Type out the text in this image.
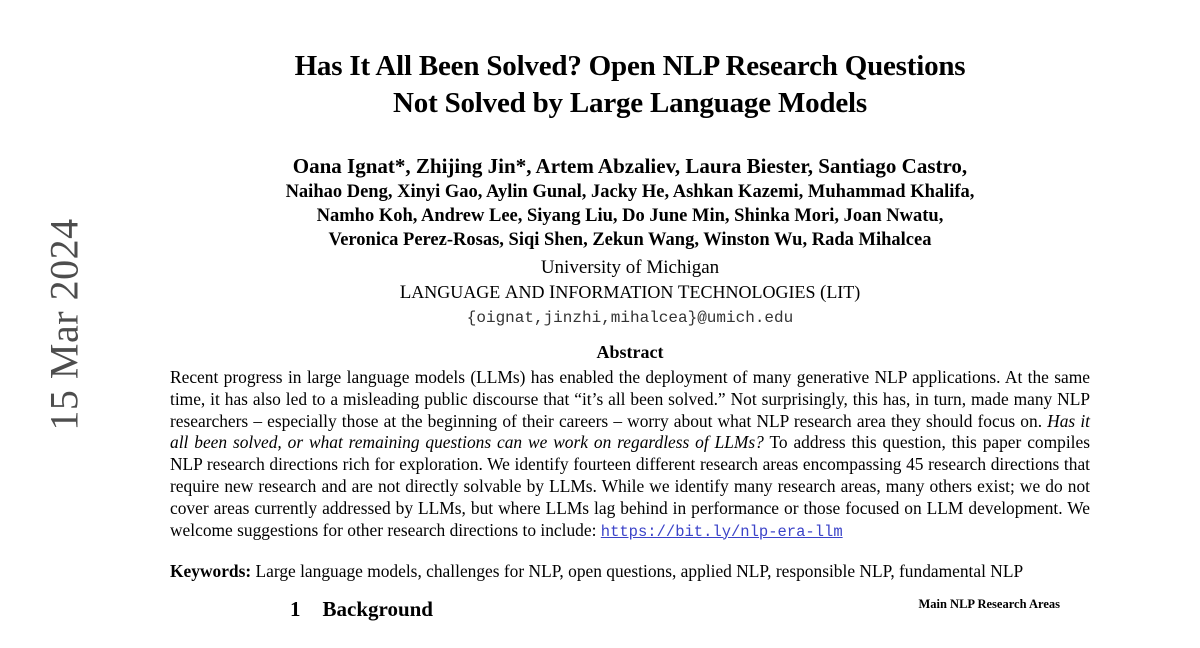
15 Mar 2024
Has It All Been Solved? Open NLP Research Questions
Not Solved by Large Language Models
Oana Ignat*, Zhijing Jin*, Artem Abzaliev, Laura Biester, Santiago Castro,
Naihao Deng, Xinyi Gao, Aylin Gunal, Jacky He, Ashkan Kazemi, Muhammad Khalifa,
Namho Koh, Andrew Lee, Siyang Liu, Do June Min, Shinka Mori, Joan Nwatu,
Veronica Perez-Rosas, Siqi Shen, Zekun Wang, Winston Wu, Rada Mihalcea
University of Michigan
LANGUAGE AND INFORMATION TECHNOLOGIES (LIT)
{oignat,jinzhi,mihalcea}@umich.edu
Abstract
Recent progress in large language models (LLMs) has enabled the deployment of many generative NLP applications. At the same time, it has also led to a misleading public discourse that “it’s all been solved.” Not surprisingly, this has, in turn, made many NLP researchers – especially those at the beginning of their careers – worry about what NLP research area they should focus on. Has it all been solved, or what remaining questions can we work on regardless of LLMs? To address this question, this paper compiles NLP research directions rich for exploration. We identify fourteen different research areas encompassing 45 research directions that require new research and are not directly solvable by LLMs. While we identify many research areas, many others exist; we do not cover areas currently addressed by LLMs, but where LLMs lag behind in performance or those focused on LLM development. We welcome suggestions for other research directions to include: https://bit.ly/nlp-era-llm
Keywords: Large language models, challenges for NLP, open questions, applied NLP, responsible NLP, fundamental NLP
1 Background	Main NLP Research Areas
